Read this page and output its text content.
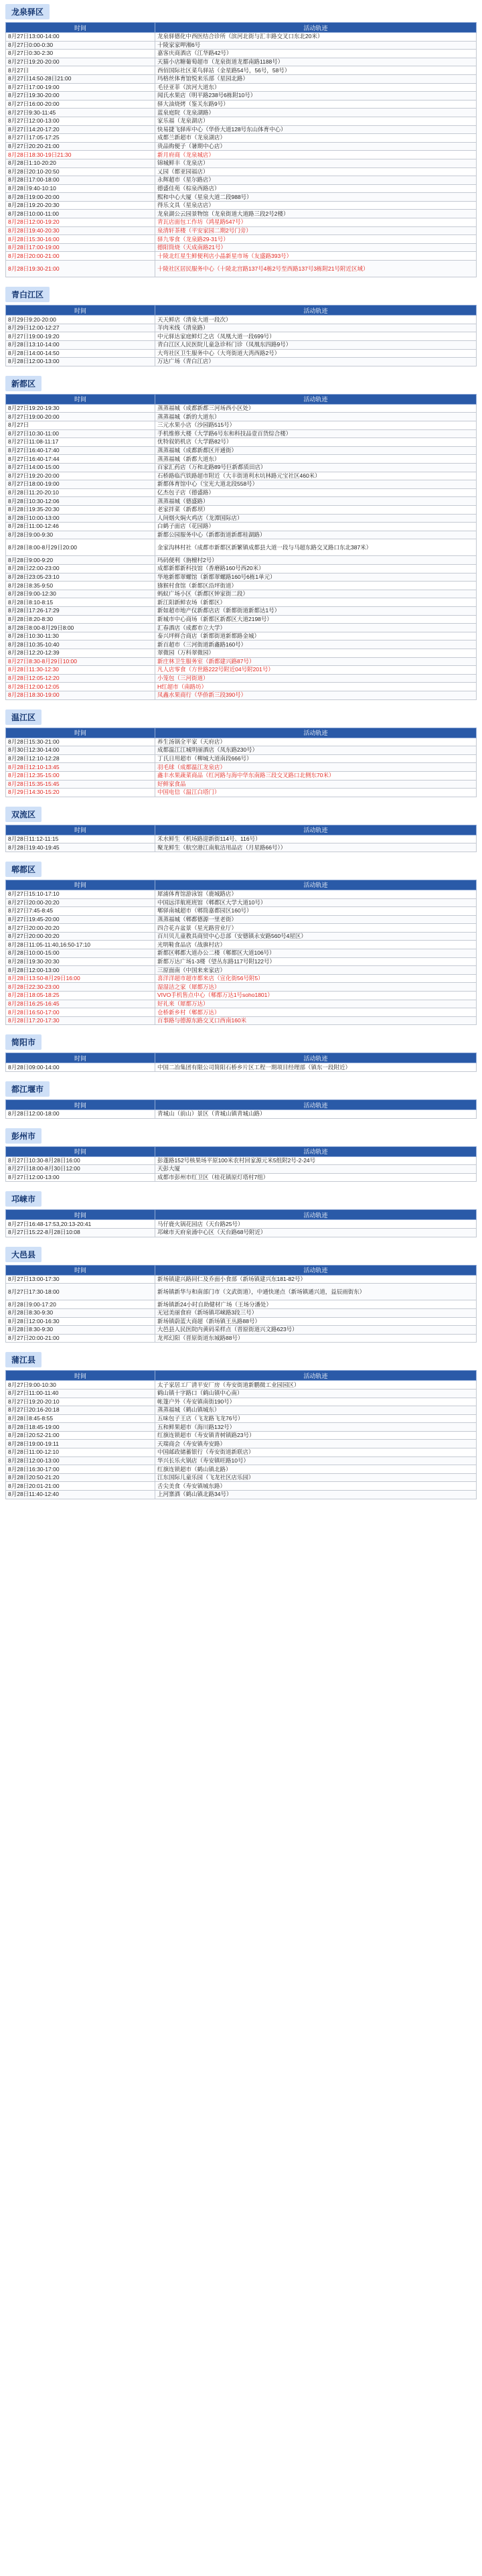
龙泉驿区
时间	活动轨迹
8月27日13:00-14:00	龙泉驿德化中西医结合诊所（滨河北街与汇丰路交叉口东北20米）
8月27日0:00-0:30	十陵家家呷湘6号
8月27日0:30-2:30	嘉客庆商酒店（江华路42号）
8月27日19:20-20:00	天猫小店糖葡萄超市（龙泉街道龙都南路1188号）
8月27日	西佰国际社区菜鸟驿站（金星路54号，56号，58号）
8月27日14:50-28日21:00	玛格丝体育馆悦来乐部（星园北路）
8月27日17:00-19:00	毛径亚菲（滨河大道东）
8月27日19:30-20:00	闻氏水果店（明平路238号6栋附10号）
8月27日16:00-20:00	驿大油烧烤（鉴关东路9号）
8月27日9:30-11:45	蓝泉庭院（龙泉湖路）
8月27日12:00-13:00	家乐福（龙泉湖店）
8月27日14:20-17:20	快易捷飞驿库中心（华侨大道128号东山体育中心）
8月27日17:05-17:25	成都兰新超市（龙泉湖店）
8月27日20:20-21:00	贵品购便子（暑期中心店）
8月28日18:30-19日21:30	新月府商（龙泉城店）
8月28日1:10-20:20	锦城鲜丰（龙泉店）
8月28日20:10-20:50	乂园（都亚园福店）
8月28日17:00-18:00	永辉超市（星尔路店）
8月28日9:40-10:10	德盛佳苑（棕泉西路店）
8月28日19:00-20:00	熙和中心大厦（星泉大道二段988号）
8月28日19:20-20:30	得乐文具（星泉店店）
8月28日10:00-11:00	龙泉湖公云园景物馆（龙泉街道大道路三段2号2楼）
8月28日12:00-19:20	青瓦店面包工作坊（鸿星路547号）
8月28日19:40-20:30	泉清轩茶楼（平安家园二期2号门旁）
8月28日15:30-16:00	驿九零食（龙泉路29-31号）
8月28日17:00-19:00	德阳筒烧（天成南路21号）
8月28日20:00-21:00	十陵北红星生鲜便利店小晶新星市场（友盛路393号）
8月28日19:30-21:00	十陵社区居民服务中心（十陵北宫路137号4栋2号至西路137号3栋附21号附近区域）
青白江区
时间	活动轨迹
8月29日9:20-20:00	天天鲜店（清泉大道一段次）
8月29日12:00-12:27	羊肉米线（清泉路）
8月27日19:00-19:20	中元驿达家庭鲜灯之店（凤凰大道一段699号）
8月28日13:10-14:00	青白江区人民医院儿童急诊科门诊（凤凰东四路9号）
8月28日14:00-14:50	大弯社区卫生服务中心（大弯街道大湾西路2号）
8月28日12:00-13:00	万达广场（青白江店）
新都区
时间	活动轨迹
8月27日19:20-19:30	蒸蒸福城（成都新都三河场西小区处）
8月27日19:00-20:00	蒸蒸福城（新的大道东）
8月27日	三元水果小店（沙园路515号）
8月27日10:30-11:00	手机维修大楼（大学路6号东和科技品壹百货综合楼）
8月27日11:08-11:17	优特叙奶机店（大学路82号）
8月27日16:40-17:40	蒸蒸福城（成都新都区开通街）
8月27日16:40-17:44	蒸蒸福城（新都大道东）
8月27日14:00-15:00	百家汇药店（万和北路89号巨新都质田店）
8月27日19:20-20:00	石桥路临汽铁路超市附近（大丰街道利水坑林路元宝社区460米）
8月27日18:00-19:00	新都体育馆中心（宝光大道北段558号）
8月28日11:20-20:10	亿杰包子店（德盛路）
8月28日10:30-12:06	蒸蒸福城（德盛路）
8月28日19:35-20:30	老家拌菜（新都坝）
8月28日10:00-13:00	人间烟火焖火鸡店（龙潭国际店）
8月28日11:00-12:46	白鹤子面店（花园路）
8月28日9:00-9:30	新都公园服务中心（新都街道新都桂湖路）
8月28日8:00-8月29日20:00	金家沟林村社（成都市新都区新繁镇成都县大道一段与马超东路交叉路口东北387米）
8月28日9:00-9:20	玛码便利（旃檀村2号）
8月28日22:00-23:00	成都新都新科技馆（香磨路160号西20米）
8月28日23:05-23:10	华地新都翠螺馆（新都翠螺路160号6栋1单元）
8月28日8:35-9:50	猕猴村食馆（新都区沿坪街道）
8月28日9:00-12:30	蚂蚁广场小区（新都区钟家街二段）
8月28日8:10-8:15	新江阳新鲜农场（新都区）
8月28日17:26-17:29	新如超市地产仪新都店店（新都街道新都达1号）
8月28日8:20-8:30	新城市中心商场（新都区新都区大道2198号）
8月28日8:00-8月29日8:00	汇春酒店（成都市立大学）
8月28日10:30-11:30	泰兴坪鲜合商店（新都街道新都路金城）
8月28日10:35-10:40	新百超市（三河街道新鑫路160号）
8月28日12:20-12:39	翠微园（万科翠微园）
8月27日8:30-8月29日10:00	新庄林卫生服务室（新都建兴路87号）
8月28日11:30-12:30	凡人店零食（方世路222号附近04号附201号）
8月28日12:05-12:20	小笼包（三河街道）
8月28日12:00-12:05	H红超市（南路坊）
8月28日18:30-19:00	凤鑫水果商行（华侨新三段390号）
温江区
时间	活动轨迹
8月28日15:30-21:00	养生汤锅全平家（天府店）
8月30日12:30-14:00	成都温江江城明丽酒店（凤东路230号）
8月28日12:10-12:28	丁氏日用超市（柳城大道南段666号）
8月28日12:10-13:45	羽毛球（成都温江龙泉店）
8月28日12:35-15:00	鑫丰水果蔬菜商品（红河路与海中华东南路三段交叉路口北侧东70米）
8月28日15:35-15:45	好鲜家食品
8月29日14:30-15:20	中国电信（温江白塔门）
双流区
时间	活动轨迹
8月28日11:12-11:15	禾水鲜生（机场路迎新街114号、116号）
8月28日19:40-19:45	聚龙鲜生（航空港江南航洁用品店（月星路66号））
郫都区
时间	活动轨迹
8月27日15:10-17:10	犀浦体育馆游泳馆（鹿城路店）
8月27日20:00-20:20	中国远洋航班班馆（郫都区大学大道10号）
8月27日7:45-8:45	郫驿南城超市（郫筒嘉都园区160号）
8月27日19:45-20:00	蒸蒸福城（郫都德源一里老街）
8月27日20:00-20:20	四合花卉盆景（星光路营业厅）
8月27日20:00-20:20	百川贝儿童教具商贸中心总部（安德镇永安路560号4屋区）
8月28日11:05-11:40,16:50-17:10	光明鞋食品店（战旗村店）
8月28日10:00-15:00	新都区郫都大道办公二楼（郫都区大道106号）
8月28日19:30-20:30	新都万达广场1-3楼（望丛东路117号附122号）
8月28日12:00-13:00	三原面南（中国来来家店）
8月28日13:50-8月29日16:00	喜洋洋超市超市都来店（宣化街56号附5）
8月28日22:30-23:00	湿湿洁之家（犀都万达）
8月28日18:05-18:25	VIVO手机售点中心（郫都万达1号soho1801）
8月28日16:25-16:45	好礼来（犀都万达）
8月28日16:50-17:00	仓桥新乡村（郫都万达）
8月28日17:20-17:30	百事路与德源东路交叉口西南160米
简阳市
时间	活动轨迹
8月28日09:00-14:00	中国二冶集团有限公司简阳石桥乡片区工程一期项目经理部（镇东一段附近）
都江堰市
时间	活动轨迹
8月28日12:00-18:00	青城山（前山）景区（青城山镇青城山路）
彭州市
时间	活动轨迹
8月27日10:30-8月28日16:00	彭蓬路152号核果场平原100米农村回家源元米5组附2号-2-24号
8月27日18:00-8月30日12:00	天彭大厦
8月27日12:00-13:00	成都市彭州市红卫区（桂花镇原灯塔村7组）
邛崃市
时间	活动轨迹
8月27日16:48-17:53,20:13-20:41	马仔鹿火锅花园店（天台路25号）
8月27日15:22-8月28日10:08	邛崃市天府泉涌中心区（天台路68号附近）
大邑县
时间	活动轨迹
8月27日13:00-17:30	新场镇建兴路同仁及乔面小食部（新场镇建兴东181-82号）
8月27日17:30-18:00	新场镇新华与和南部门市（文武街道），中通快递点（新场镇通兴道，益辰雨街东）
8月28日9:00-17:20	新场镇新24小时自助健材广场（王场分潘处）
8月28日8:30-9:30	无冠美丽食府（新场镇邛崃路3段三号）
8月28日12:00-16:30	新场镇蔚蓝大商超（新场镇王丛路88号）
8月28日8:30-9:30	大邑县人民医院内黄码采样点（晋原街道兴文路623号）
8月27日20:00-21:00	龙邦幻阳（晋原街道东城路88号）
蒲江县
时间	活动轨迹
8月27日9:00-10:30	太子家居工厂清平安厂房（寿安街道新鹏微工业园园区）
8月27日11:00-11:40	鹤山镇十字路口（鹤山镇中心南）
8月27日19:20-20:10	帐篷户外（寿安镇南街190号）
8月27日20:16-20:18	蒸蒸福城（鹤山镇城东）
8月28日8:45-8:55	五味包子王店（飞龙路飞龙76号）
8月28日18:45-19:00	五和鲜果超市（海川路132号）
8月28日20:52-21:00	红旗连锁超市（寿安镇青树镇路23号）
8月28日19:00-19:11	天瑞商会（寿安镇寿安路）
8月28日11:00-12:10	中国邮政储蓄银行（寿安街道新联店）
8月28日12:00-13:00	华兴长乐火锅店（寿安镇旺路10号）
8月28日16:30-17:00	红旗连锁超市（鹤山镇北路）
8月28日20:50-21:20	江东国际儿童乐园（飞龙社区店乐园）
8月28日20:01-21:00	舌尖美食（寿安镇城东路）
8月28日11:40-12:40	上河寨酒（鹤山镇北路34号）
